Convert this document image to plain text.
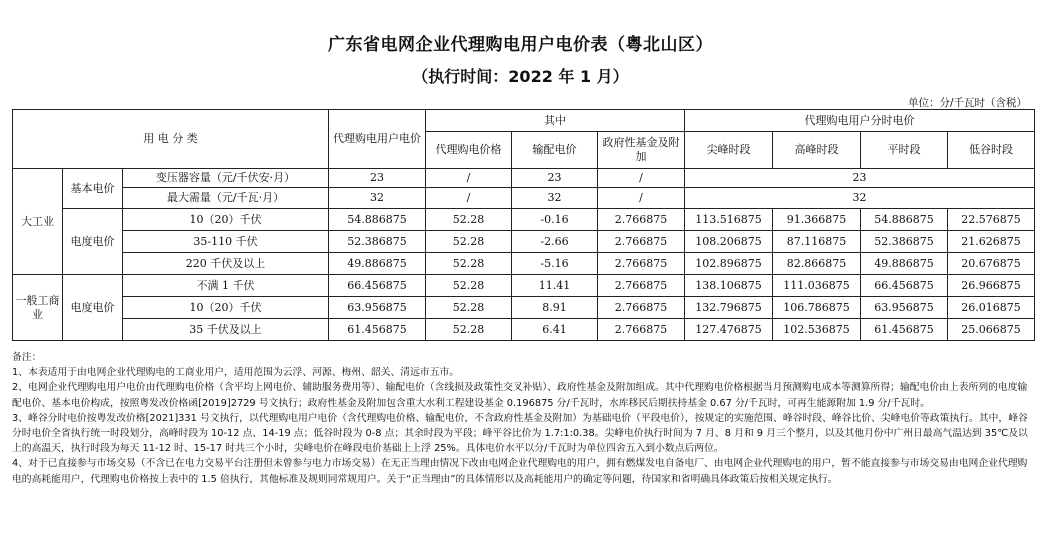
广东省电网企业代理购电用户电价表（粤北山区）
（执行时间：2022 年 1 月）
单位：分/千瓦时（含税）
用 电 分 类			代理购电用户电价	其中			代理购电用户分时电价			
				代理购电价格	输配电价	政府性基金及附加	尖峰时段	高峰时段	平时段	低谷时段
大工业	基本电价	变压器容量（元/千伏安·月）	23	/	23	/	23			
		最大需量（元/千瓦·月）	32	/	32	/	32			
	电度电价	10（20）千伏	54.886875	52.28	-0.16	2.766875	113.516875	91.366875	54.886875	22.576875
		35-110 千伏	52.386875	52.28	-2.66	2.766875	108.206875	87.116875	52.386875	21.626875
		220 千伏及以上	49.886875	52.28	-5.16	2.766875	102.896875	82.866875	49.886875	20.676875
一般工商业	电度电价	不满 1 千伏	66.456875	52.28	11.41	2.766875	138.106875	111.036875	66.456875	26.966875
		10（20）千伏	63.956875	52.28	8.91	2.766875	132.796875	106.786875	63.956875	26.016875
		35 千伏及以上	61.456875	52.28	6.41	2.766875	127.476875	102.536875	61.456875	25.066875

备注：

1、本表适用于由电网企业代理购电的工商业用户，适用范围为云浮、河源、梅州、韶关、清远市五市。

2、电网企业代理购电用户电价由代理购电价格（含平均上网电价、辅助服务费用等）、输配电价（含线损及政策性交叉补贴）、政府性基金及附加组成。其中代理购电价格根据当月预测购电成本等测算所得；输配电价由上表所列的电度输配电价、基本电价构成，按照粤发改价格函[2019]2729 号文执行；政府性基金及附加包含重大水利工程建设基金 0.196875 分/千瓦时，水库移民后期扶持基金 0.67 分/千瓦时，可再生能源附加 1.9 分/千瓦时。

3、峰谷分时电价按粤发改价格[2021]331 号文执行，以代理购电用户电价（含代理购电价格、输配电价，不含政府性基金及附加）为基础电价（平段电价），按规定的实施范围、峰谷时段、峰谷比价、尖峰电价等政策执行。其中，峰谷分时电价全省执行统一时段划分，高峰时段为 10-12 点、14-19 点；低谷时段为 0-8 点；其余时段为平段；峰平谷比价为 1.7:1:0.38。尖峰电价执行时间为 7 月、8 月和 9 月三个整月，以及其他月份中广州日最高气温达到 35℃及以上的高温天，执行时段为每天 11-12 时、15-17 时共三个小时，尖峰电价在峰段电价基础上上浮 25%。具体电价水平以分/千瓦时为单位四舍五入到小数点后两位。

4、对于已直接参与市场交易（不含已在电力交易平台注册但未曾参与电力市场交易）在无正当理由情况下改由电网企业代理购电的用户，拥有燃煤发电自备电厂、由电网企业代理购电的用户，暂不能直接参与市场交易由电网企业代理购电的高耗能用户，代理购电价格按上表中的 1.5 倍执行，其他标准及规则同常规用户。关于“正当理由”的具体情形以及高耗能用户的确定等问题，待国家和省明确具体政策后按相关规定执行。
